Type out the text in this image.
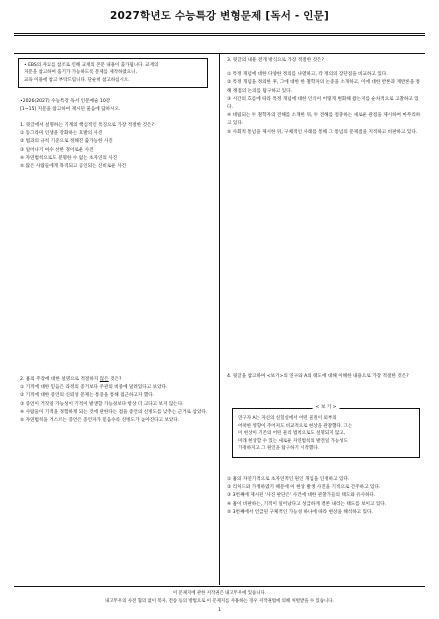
2027학년도 수능특강 변형문제 [독서 - 인문]

• EBS의 자료를 참조로 인해 교재의 본문 내용이 출가됩니다. 교재의

지문을 참고하여 출기가 가능하도록 문제를 제작하였으니,

교육 이용에 참고 부탁드립니다. 단순히 참고하십시오.

•2026(2027) 수능특강 독서 인문예술 10강

[1~15] 지문을 참고하여 제시된 물음에 답하시오.

1. 윗글에서 설명하는 기계의 핵심적인 특징으로 가장 적절한 것은?

① 동그라미 인생을 강화하는 호발의 사진

② 법과의 규칙 기준으로 정해진 출가능한 사진

③ 일어나기 여수 선한 경이로운 사진

④ 자연법칙으로도 분명한 수 없는 초자연의 사진

⑤ 많은 사람들에게 목격되고 공인되는 신비로운 사건

2. 흄의 주장에 대한 설명으로 적절하지 않은 것은?

① 기적에 대한 믿음은 과정의 증거보다 주관의 비중에 달려있다고 보았다.

② 기적에 대한 증언의 신뢰성 문제는 통증을 통해 접근하고자 했다.

③ 증언이 거짓일 가능성이 기적이 발생할 가능성보다 항상 더 크다고 보지 않는다.

④ 사람들이 기적을 경험하게 되는 것에 관한다는 점을 증언의 신빙도를 낮추는 근거로 삼았다.

⑤ 자연법칙을 거스르는 증언은 증언자가 믿음수록 신빙도가 높아진다고 보았다.

3. 윗글의 내용 전개 방식으로 가장 적절한 것은?

① 특정 개념에 대한 다양한 정의를 나열하고, 각 정의의 장단점을 비교하고 있다.

② 특정 개념을 정의한 후, 그에 대한 한 철학자의 논증을 소개하고, 이에 대한 반론과 재반론을 통해 쟁점의 논의를 탐구하고 있다.

③ 시간의 흐름에 따라 특정 개념에 대한 인식이 어떻게 변화해 왔는지를 순차적으로 고찰하고 있다.

④ 대립되는 두 철학자의 견해를 소개한 뒤, 두 견해를 절충하는 새로운 관점을 제시하여 마무리하고 있다.

⑤ 사회적 통념을 제시한 뒤, 구체적인 사례를 통해 그 통념의 문제점을 지적하고 비판하고 있다.

4. 윗글을 참고하여 <보기>의 연구와 A의 태도에 대해 이해한 내용으로 가장 적절한 것은?

< 보 기 >

연구자 A는 자신의 실험실에서 어떤 물질이 외부의

어떠한 영향이 주어져도 비교적으로 현상을 관찰했다. 그는

이 현상이 기존의 어떤 물리 법칙으로도 설명되지 않고,

미래 현상할 수 있는 새로운 자연법칙의 발견일 가능성도

가정하지고 그 원인을 탐구하기 시작했다.

① 흄의 자연기적으로 초자연적인 원인 개입을 인정하고 있다.

② 리처드와 가정하였기 때문에 이 현상 발생 사진을 기적으로 간주하고 있다.

③ 3번째에 제시된 '사진 판단은' 사건에 대한 관찰가들의 태도와 유사하다.

④ 흄이 비판하는, 기적이 일어났다고 성급하게 결론 내리는 태도를 보이고 있다.

⑤ 3번째에서 언급된 구체적인 가능성 하나에 따라 현상을 해석하고 있다.

이 문제지에 관한 저작권은 내고뚜우에 있습니다.
내고뚜우의 사전 협의 없이 복사, 전송 등의 방법으로 이 문제지를 사용하는 경우 저작권법에 의해 처벌받을 수 있습니다.
1
